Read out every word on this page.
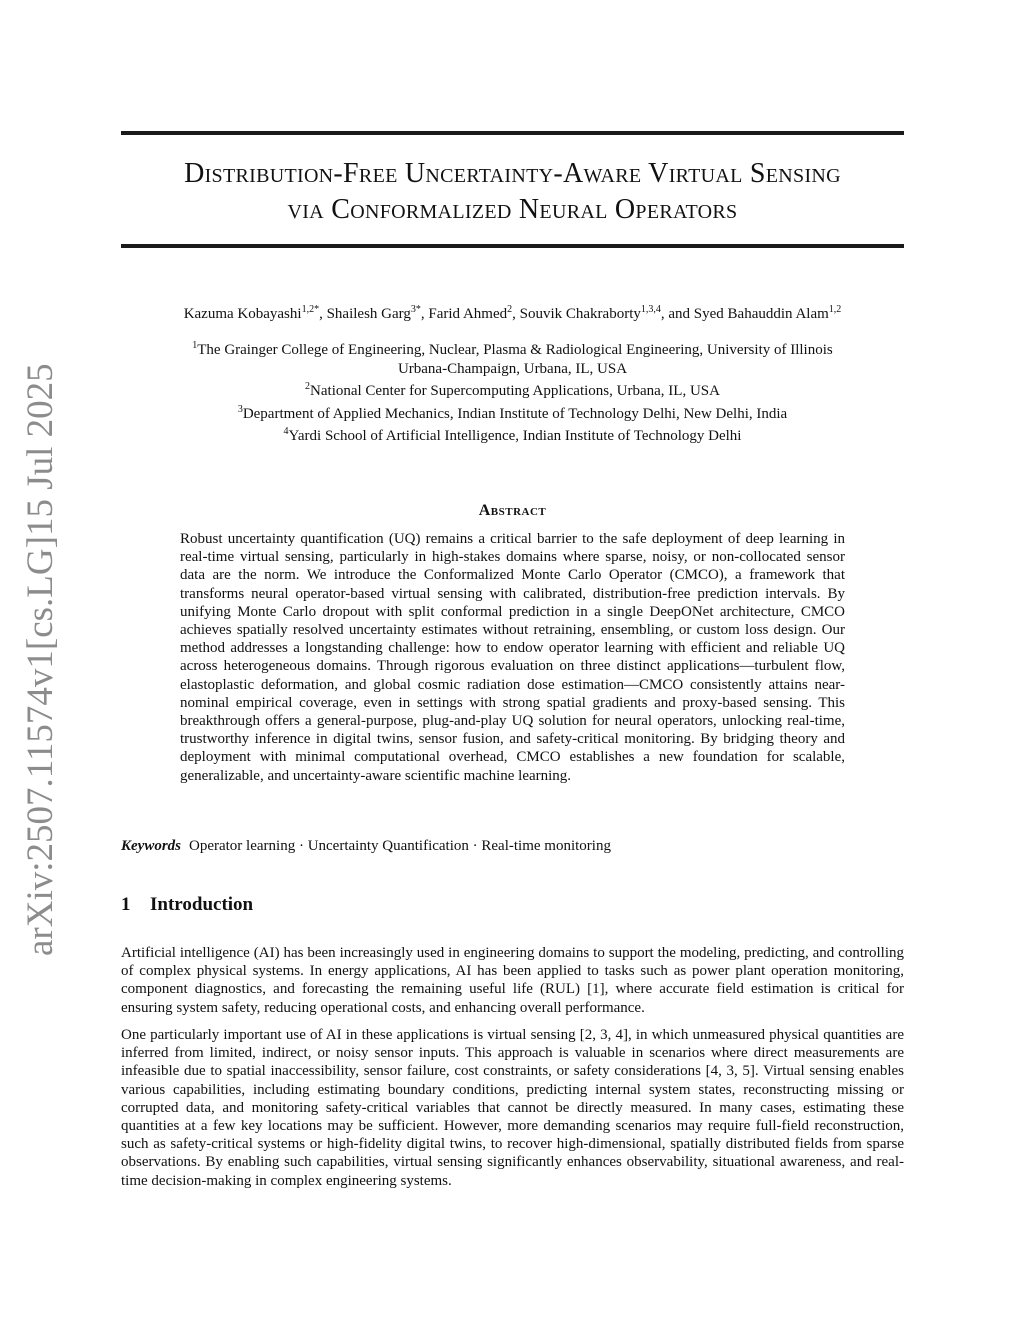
arXiv:2507.11574v1
[cs.LG]
15 Jul 2025
Distribution-Free Uncertainty-Aware Virtual Sensing
via Conformalized Neural Operators
Kazuma Kobayashi$^{1,2*}$, Shailesh Garg$^{3*}$, Farid Ahmed$^2$, Souvik Chakraborty$^{1,3,4}$, and Syed Bahauddin Alam$^{1,2}$
$^1$The Grainger College of Engineering, Nuclear, Plasma & Radiological Engineering, University of Illinois
Urbana-Champaign, Urbana, IL, USA
$^2$National Center for Supercomputing Applications, Urbana, IL, USA
$^3$Department of Applied Mechanics, Indian Institute of Technology Delhi, New Delhi, India
$^4$Yardi School of Artificial Intelligence, Indian Institute of Technology Delhi
Abstract
Robust uncertainty quantification (UQ) remains a critical barrier to the safe deployment of deep learning in real-time virtual sensing, particularly in high-stakes domains where sparse, noisy, or non-collocated sensor data are the norm. We introduce the Conformalized Monte Carlo Operator (CMCO), a framework that transforms neural operator-based virtual sensing with calibrated, distribution-free prediction intervals. By unifying Monte Carlo dropout with split conformal prediction in a single DeepONet architecture, CMCO achieves spatially resolved uncertainty estimates without retraining, ensembling, or custom loss design. Our method addresses a longstanding challenge: how to endow operator learning with efficient and reliable UQ across heterogeneous domains. Through rigorous evaluation on three distinct applications—turbulent flow, elastoplastic deformation, and global cosmic radiation dose estimation—CMCO consistently attains near-nominal empirical coverage, even in settings with strong spatial gradients and proxy-based sensing. This breakthrough offers a general-purpose, plug-and-play UQ solution for neural operators, unlocking real-time, trustworthy inference in digital twins, sensor fusion, and safety-critical monitoring. By bridging theory and deployment with minimal computational overhead, CMCO establishes a new foundation for scalable, generalizable, and uncertainty-aware scientific machine learning.
Keywords Operator learning · Uncertainty Quantification · Real-time monitoring
1 Introduction
Artificial intelligence (AI) has been increasingly used in engineering domains to support the modeling, predicting, and controlling of complex physical systems. In energy applications, AI has been applied to tasks such as power plant operation monitoring, component diagnostics, and forecasting the remaining useful life (RUL) [1], where accurate field estimation is critical for ensuring system safety, reducing operational costs, and enhancing overall performance.
One particularly important use of AI in these applications is virtual sensing [2, 3, 4], in which unmeasured physical quantities are inferred from limited, indirect, or noisy sensor inputs. This approach is valuable in scenarios where direct measurements are infeasible due to spatial inaccessibility, sensor failure, cost constraints, or safety considerations [4, 3, 5]. Virtual sensing enables various capabilities, including estimating boundary conditions, predicting internal system states, reconstructing missing or corrupted data, and monitoring safety-critical variables that cannot be directly measured. In many cases, estimating these quantities at a few key locations may be sufficient. However, more demanding scenarios may require full-field reconstruction, such as safety-critical systems or high-fidelity digital twins, to recover high-dimensional, spatially distributed fields from sparse observations. By enabling such capabilities, virtual sensing significantly enhances observability, situational awareness, and real-time decision-making in complex engineering systems.
